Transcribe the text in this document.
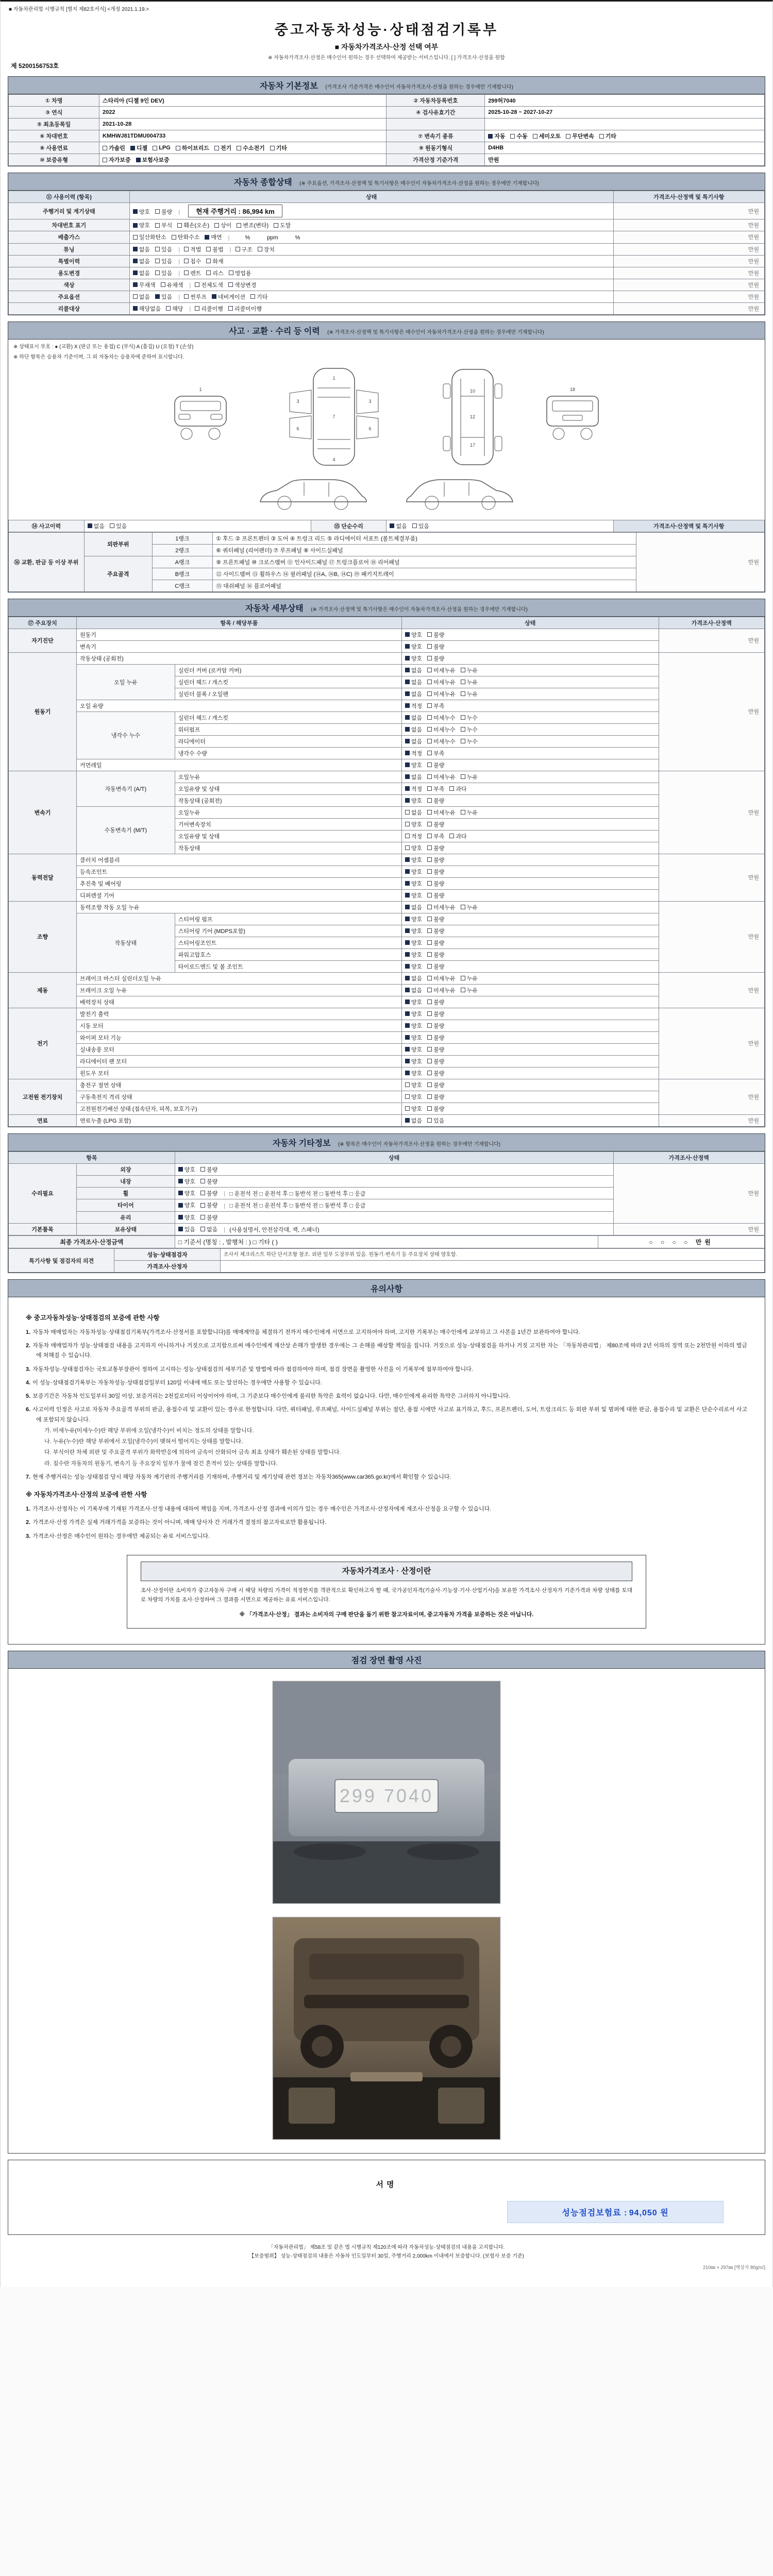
■ 자동차관리법 시행규칙 [별지 제82호서식] <개정 2021.1.19.>
중고자동차성능·상태점검기록부
■ 자동차가격조사·산정 선택 여부
※ 자동차가격조사·산정은 매수인이 원하는 경우 선택하여 제공받는 서비스입니다. [ ] 가격조사·산정을 원함
제 5200156753호
자동차 기본정보 (가격조사 기준가격은 매수인이 자동차가격조사·산정을 원하는 경우에만 기재합니다)
① 차명	스타리아 (디젤 9인 DEV)	② 자동차등록번호	299허7040
③ 연식	2022	④ 검사유효기간	2025-10-28 ~ 2027-10-27
⑤ 최초등록일	2021-10-28		
⑥ 차대번호	KMHWJ81TDMU004733	⑦ 변속기 종류	자동 수동 세미오토 무단변속 기타

⑧ 사용연료	가솔린 디젤 LPG 하이브리드 전기 수소전기 기타	⑨ 원동기형식	D4HB
⑩ 보증유형	자가보증 보험사보증	가격산정 기준가격	만원
자동차 종합상태 (※ 주요옵션, 가격조사·산정액 및 특기사항은 매수인이 자동차가격조사·산정을 원하는 경우에만 기재합니다)
⑪ 사용이력 (항목)	상태	가격조사·산정액 및 특기사항
주행거리 및 계기상태	양호 불량 | 현재 주행거리 : 86,994 km	만원
차대번호 표기	양호 부식 훼손(오손) 상이 변조(변타) 도말	만원
배출가스	일산화탄소 탄화수소 매연 |　　%　　　ppm　　　%	만원
튜닝	없음 있음 | 적법 불법 | 구조 장치	만원
특별이력	없음 있음 | 침수 화재	만원
용도변경	없음 있음 | 렌트 리스 영업용	만원
색상	무채색 유채색 | 전체도색 색상변경	만원
주요옵션	없음 있음 | 썬루프 네비게이션 기타	만원
리콜대상	해당없음 해당 | 리콜이행 리콜미이행	만원
사고 · 교환 · 수리 등 이력 (※ 가격조사·산정액 및 특기사항은 매수인이 자동차가격조사·산정을 원하는 경우에만 기재합니다)
※ 상태표시 부호 : ● (교환) Ⅹ (판금 또는 용접) C (부식) A (흠집) U (요철) T (손상)
※ 하단 항목은 승용차 기준이며, 그 외 자동차는 승용차에 준하여 표시합니다.
1
1
7
4
3	3
6	6
12
10
17
18
⑭ 사고이력	없음 있음	⑮ 단순수리	없음 있음	가격조사·산정액 및 특기사항
⑯ 교환, 판금 등 이상 부위	외판부위	1랭크	① 후드 ② 프론트펜더 ③ 도어 ④ 트렁크 리드 ⑤ 라디에이터 서포트 (볼트체결부품)	만원
		2랭크	⑥ 쿼터패널 (리어펜더) ⑦ 루프패널 ⑧ 사이드실패널	
	주요골격	A랭크	⑨ 프론트패널 ⑩ 크로스멤버 ⑪ 인사이드패널 ⑰ 트렁크플로어 ⑱ 리어패널	
		B랭크	⑫ 사이드멤버 ⑬ 휠하우스 ⑭ 필러패널 (⑭A, ⑭B, ⑭C) ⑲ 패키지트레이	
		C랭크	⑮ 대쉬패널 ⑯ 플로어패널	
자동차 세부상태 (※ 가격조사·산정액 및 특기사항은 매수인이 자동차가격조사·산정을 원하는 경우에만 기재합니다)
⑰ 주요장치	항목 / 해당부품		상태	가격조사·산정액
자기진단	원동기		양호 불량	만원
	변속기		양호 불량	

원동기	작동상태 (공회전)		양호 불량	만원
	오일 누유	실린더 커버 (로커암 커버)	없음 미세누유 누유	

		실린더 헤드 / 개스킷	없음 미세누유 누유	

		실린더 블록 / 오일팬	없음 미세누유 누유	

	오일 유량		적정 부족	

	냉각수 누수	실린더 헤드 / 개스킷	없음 미세누수 누수	

		워터펌프	없음 미세누수 누수	

		라디에이터	없음 미세누수 누수	

		냉각수 수량	적정 부족	

	커먼레일		양호 불량	

변속기	자동변속기 (A/T)	오일누유	없음 미세누유 누유	만원
		오일유량 및 상태	적정 부족 과다	

		작동상태 (공회전)	양호 불량	

	수동변속기 (M/T)	오일누유	없음 미세누유 누유	

		기어변속장치	양호 불량	

		오일유량 및 상태	적정 부족 과다	

		작동상태	양호 불량	

동력전달	클러치 어셈블리		양호 불량	만원
	등속조인트		양호 불량	

	추진축 및 베어링		양호 불량	

	디퍼렌셜 기어		양호 불량	

조향	동력조향 작동 오일 누유		없음 미세누유 누유	만원
	작동상태	스티어링 펌프	양호 불량	

		스티어링 기어 (MDPS포함)	양호 불량	

		스티어링조인트	양호 불량	

		파워고압호스	양호 불량	

		타이로드엔드 및 볼 조인트	양호 불량	

제동	브레이크 마스터 실린더오일 누유		없음 미세누유 누유	만원
	브레이크 오일 누유		없음 미세누유 누유	

	배력장치 상태		양호 불량	

전기	발전기 출력		양호 불량	만원
	시동 모터		양호 불량	

	와이퍼 모터 기능		양호 불량	

	실내송풍 모터		양호 불량	

	라디에이터 팬 모터		양호 불량	

	윈도우 모터		양호 불량	

고전원 전기장치	충전구 절연 상태		양호 불량	만원
	구동축전지 격리 상태		양호 불량	

	고전원전기배선 상태 (접속단자, 피복, 보호기구)		양호 불량	

연료	연료누출 (LPG 포함)		없음 있음	만원
자동차 기타정보 (※ 항목은 매수인이 자동차가격조사·산정을 원하는 경우에만 기재합니다)
항목		상태	가격조사·산정액
수리필요	외장	양호 불량	만원
	내장	양호 불량	

	휠	양호 불량 | □ 운전석 전 □ 운전석 후 □ 동반석 전 □ 동반석 후 □ 응급	
	타이어	양호 불량 | □ 운전석 전 □ 운전석 후 □ 동반석 전 □ 동반석 후 □ 응급	
	유리	양호 불량	

기본품목	보유상태	있음 없음 | (사용설명서, 안전삼각대, 잭, 스패너)	만원
최종 가격조사·산정금액	□ 기준서 (명칭 : , 발행처 : ) □ 기타 ( )	○ ○ ○ ○ 만원
특기사항 및 점검자의 의견	성능·상태점검자	조사서 체크리스트 하단 단서조항 참조. 외판 일부 도장부위 있음. 원동기·변속기 등 주요장치 상태 양호함.
	가격조사·산정자	
유의사항
※ 중고자동차성능·상태점검의 보증에 관한 사항
1. 자동차 매매업자는 자동차성능·상태점검기록부(가격조사·산정서를 포함합니다)를 매매계약을 체결하기 전까지 매수인에게 서면으로 고지하여야 하며, 고지한 기록부는 매수인에게 교부하고 그 사본을 1년간 보관하여야 합니다.
2. 자동차 매매업자가 성능·상태점검 내용을 고지하지 아니하거나 거짓으로 고지함으로써 매수인에게 재산상 손해가 발생한 경우에는 그 손해를 배상할 책임을 집니다. 거짓으로 성능·상태점검을 하거나 거짓 고지한 자는 「자동차관리법」 제80조에 따라 2년 이하의 징역 또는 2천만원 이하의 벌금에 처해질 수 있습니다.
3. 자동차성능·상태점검자는 국토교통부장관이 정하여 고시하는 성능·상태점검의 세부기준 및 방법에 따라 점검하여야 하며, 점검 장면을 촬영한 사진을 이 기록부에 첨부하여야 합니다.
4. 이 성능·상태점검기록부는 자동차성능·상태점검일부터 120일 이내에 매도 또는 알선하는 경우에만 사용할 수 있습니다.
5. 보증기간은 자동차 인도일부터 30일 이상, 보증거리는 2천킬로미터 이상이어야 하며, 그 기준보다 매수인에게 불리한 특약은 효력이 없습니다. 다만, 매수인에게 유리한 특약은 그러하지 아니합니다.
6. 사고이력 인정은 사고로 자동차 주요골격 부위의 판금, 용접수리 및 교환이 있는 경우로 한정합니다. 다만, 쿼터패널, 루프패널, 사이드실패널 부위는 절단, 용접 시에만 사고로 표기하고, 후드, 프론트펜더, 도어, 트렁크리드 등 외판 부위 및 범퍼에 대한 판금, 용접수리 및 교환은 단순수리로서 사고에 포함되지 않습니다.
가. 미세누유(미세누수)란 해당 부위에 오일(냉각수)이 비치는 정도의 상태를 말합니다.
나. 누유(누수)란 해당 부위에서 오일(냉각수)이 맺혀서 떨어지는 상태를 말합니다.
다. 부식이란 차체 외판 및 주요골격 부위가 화학반응에 의하여 금속이 산화되어 금속 최초 상태가 훼손된 상태를 말합니다.
라. 침수란 자동차의 원동기, 변속기 등 주요장치 일부가 물에 잠긴 흔적이 있는 상태를 말합니다.
7. 현재 주행거리는 성능·상태점검 당시 해당 자동차 계기판의 주행거리를 기재하며, 주행거리 및 계기상태 관련 정보는 자동차365(www.car365.go.kr)에서 확인할 수 있습니다.
※ 자동차가격조사·산정의 보증에 관한 사항
1. 가격조사·산정자는 이 기록부에 기재된 가격조사·산정 내용에 대하여 책임을 지며, 가격조사·산정 결과에 이의가 있는 경우 매수인은 가격조사·산정자에게 재조사·산정을 요구할 수 있습니다.
2. 가격조사·산정 가격은 실제 거래가격을 보증하는 것이 아니며, 매매 당사자 간 거래가격 결정의 참고자료로만 활용됩니다.
3. 가격조사·산정은 매수인이 원하는 경우에만 제공되는 유료 서비스입니다.
자동차가격조사 · 산정이란
조사·산정이란 소비자가 중고자동차 구매 시 해당 차량의 가격이 적정한지를 객관적으로 확인하고자 할 때, 국가공인자격(기술사·기능장·기사·산업기사)을 보유한 가격조사·산정자가 기준가격과 차량 상태를 토대로 차량의 가치를 조사·산정하여 그 결과를 서면으로 제공하는 유료 서비스입니다.
※ 「가격조사·산정」 결과는 소비자의 구매 판단을 돕기 위한 참고자료이며, 중고자동차 가격을 보증하는 것은 아닙니다.
점검 장면 촬영 사진
299 7040
서명
성능점검보험료 : 94,050 원
「자동차관리법」 제58조 및 같은 법 시행규칙 제120조에 따라 자동차성능·상태점검의 내용을 고지합니다.
【보증범위】 성능·상태점검의 내용은 자동차 인도일부터 30일, 주행거리 2,000km 이내에서 보증합니다. (보험사 보증 기준)
210㎜ × 297㎜ [백상지 80g/㎡]
